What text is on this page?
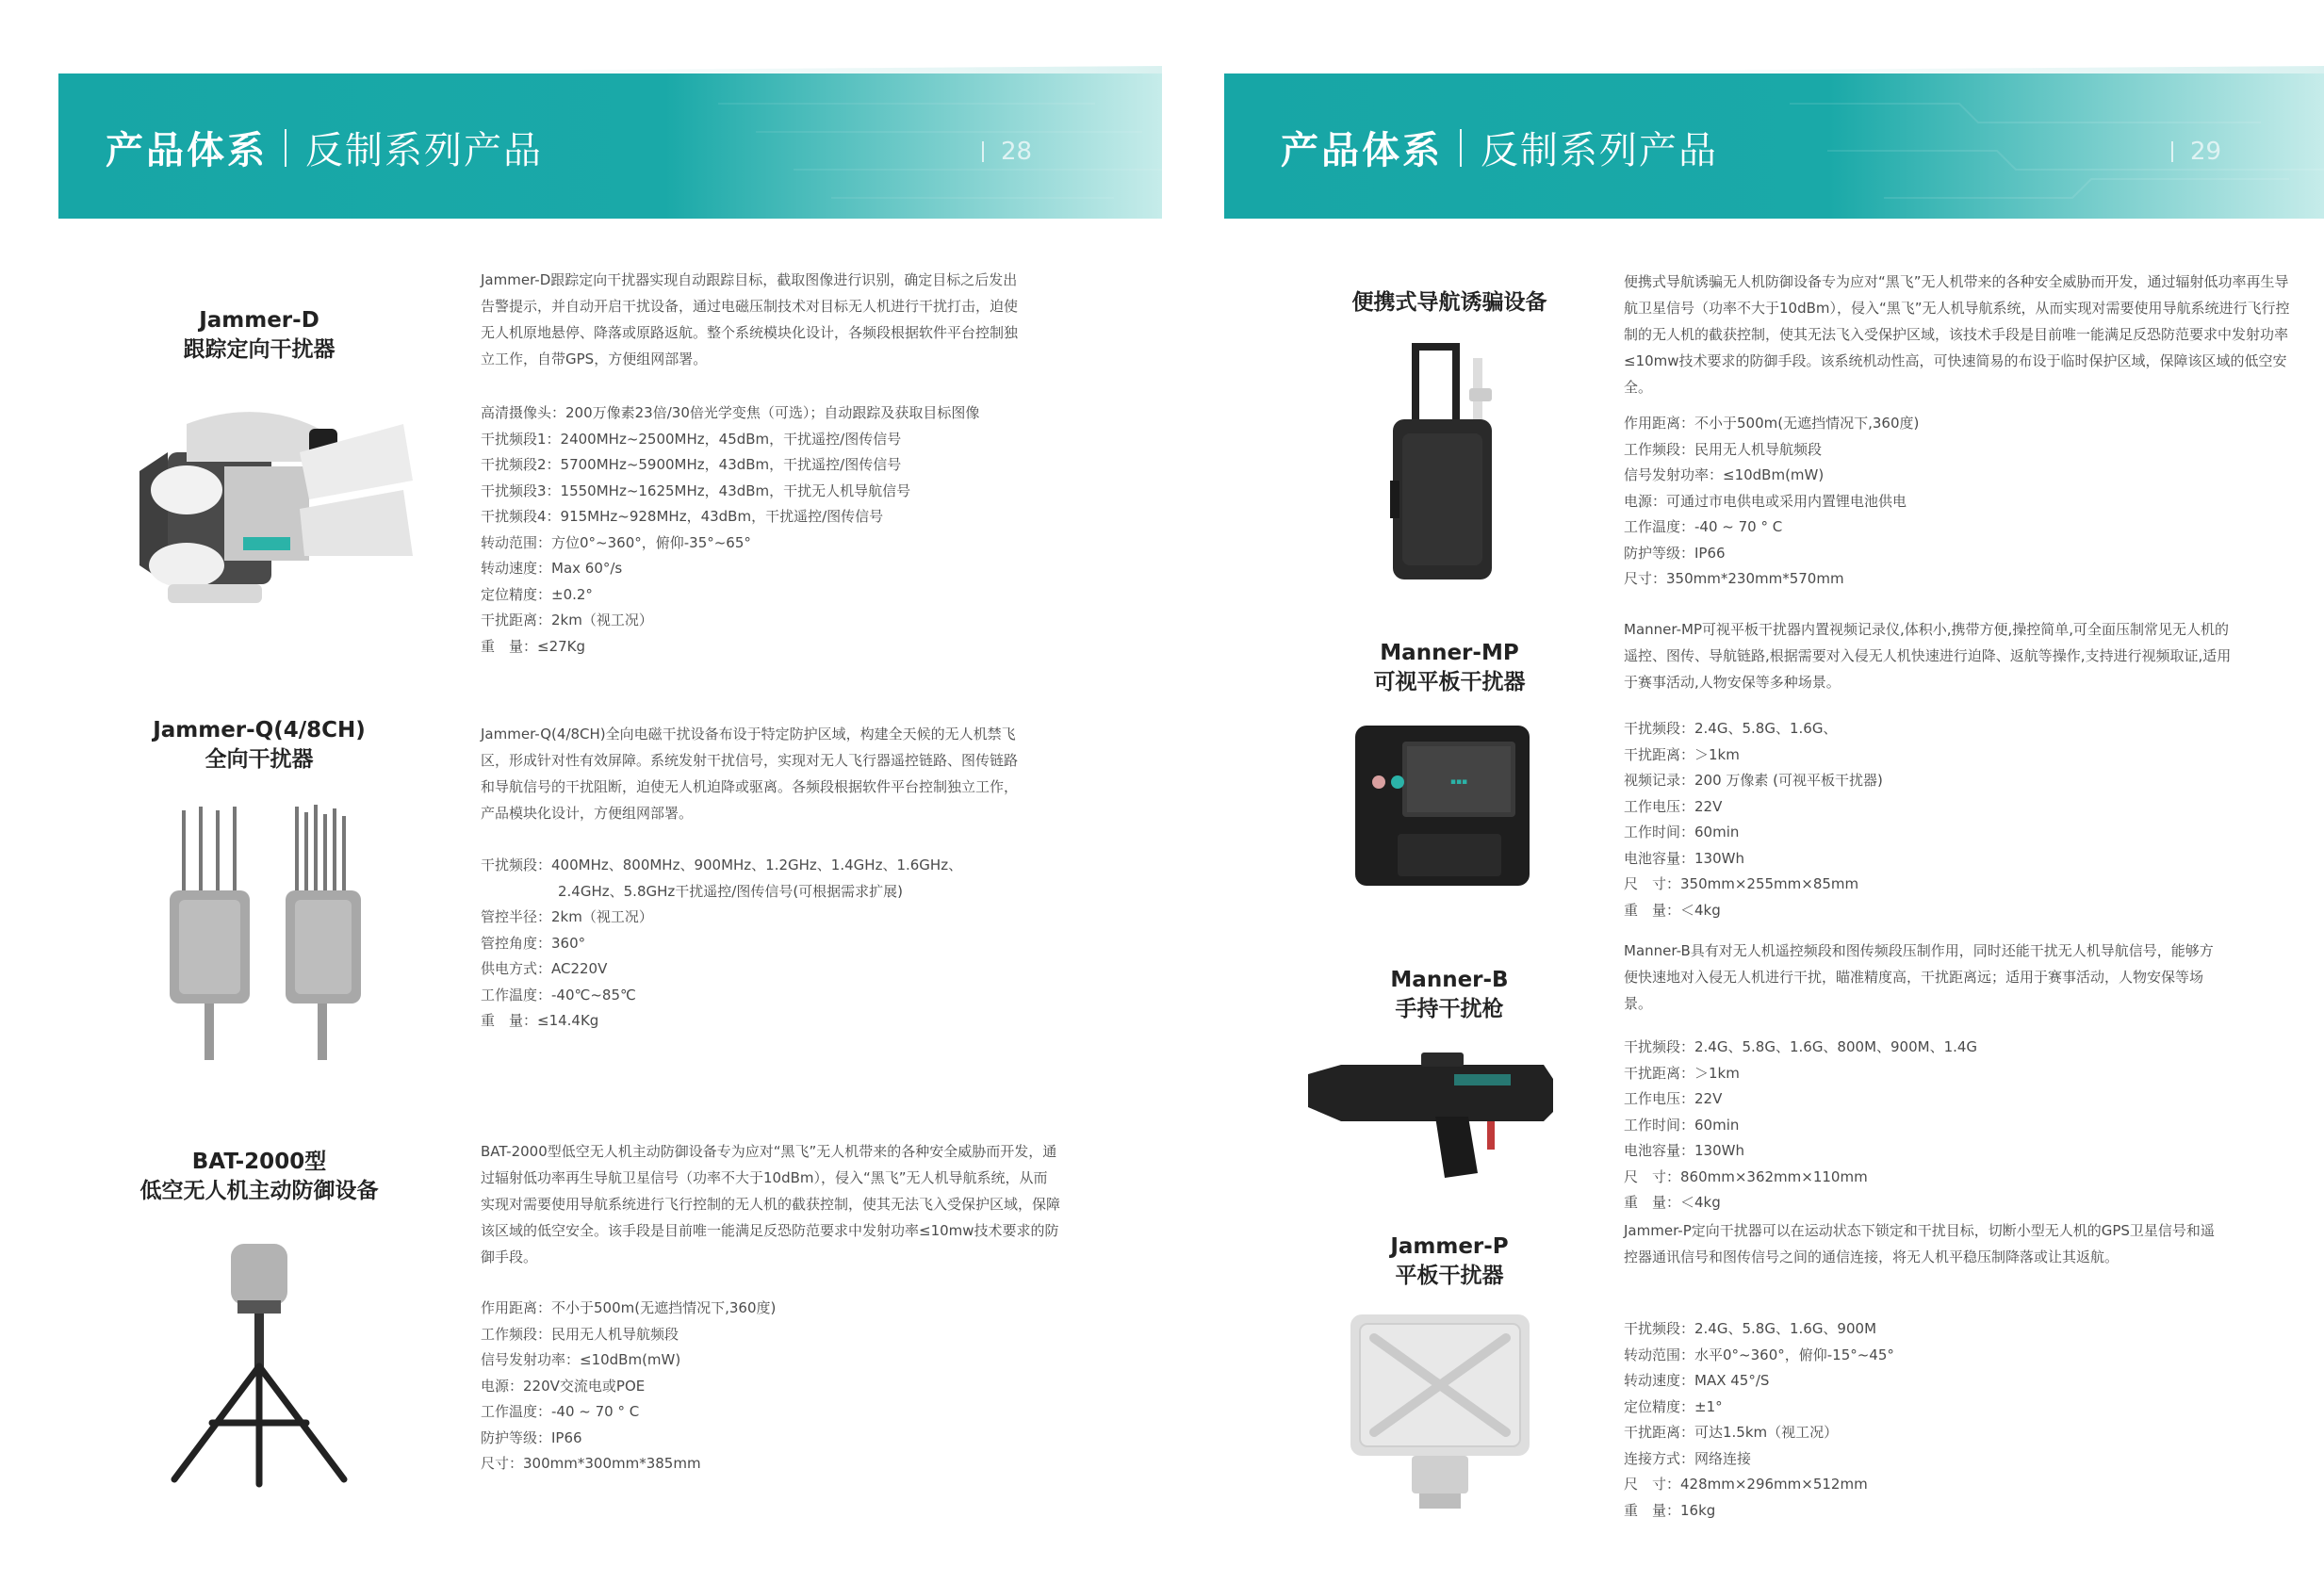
产品体系 反制系列产品	28
Jammer-D
跟踪定向干扰器
Jammer-D跟踪定向干扰器实现自动跟踪目标，截取图像进行识别，确定目标之后发出告警提示，并自动开启干扰设备，通过电磁压制技术对目标无人机进行干扰打击，迫使无人机原地悬停、降落或原路返航。整个系统模块化设计，各频段根据软件平台控制独立工作，自带GPS，方便组网部署。
高清摄像头：200万像素23倍/30倍光学变焦（可选）；自动跟踪及获取目标图像
干扰频段1：2400MHz~2500MHz，45dBm，干扰遥控/图传信号
干扰频段2：5700MHz~5900MHz，43dBm，干扰遥控/图传信号
干扰频段3：1550MHz~1625MHz，43dBm，干扰无人机导航信号
干扰频段4：915MHz~928MHz，43dBm，干扰遥控/图传信号
转动范围：方位0°~360°，俯仰-35°~65°
转动速度：Max 60°/s
定位精度：±0.2°
干扰距离：2km（视工况）
重　量：≤27Kg
Jammer-Q(4/8CH)
全向干扰器
Jammer-Q(4/8CH)全向电磁干扰设备布设于特定防护区域，构建全天候的无人机禁飞区，形成针对性有效屏障。系统发射干扰信号，实现对无人飞行器遥控链路、图传链路和导航信号的干扰阻断，迫使无人机迫降或驱离。各频段根据软件平台控制独立工作，产品模块化设计，方便组网部署。
干扰频段：400MHz、800MHz、900MHz、1.2GHz、1.4GHz、1.6GHz、
2.4GHz、5.8GHz干扰遥控/图传信号(可根据需求扩展)
管控半径：2km（视工况）
管控角度：360°
供电方式：AC220V
工作温度：-40℃~85℃
重　量：≤14.4Kg
BAT-2000型
低空无人机主动防御设备
BAT-2000型低空无人机主动防御设备专为应对“黑飞”无人机带来的各种安全威胁而开发，通过辐射低功率再生导航卫星信号（功率不大于10dBm），侵入“黑飞”无人机导航系统，从而实现对需要使用导航系统进行飞行控制的无人机的截获控制，使其无法飞入受保护区域，保障该区域的低空安全。该手段是目前唯一能满足反恐防范要求中发射功率≤10mw技术要求的防御手段。
作用距离：不小于500m(无遮挡情况下,360度)
工作频段：民用无人机导航频段
信号发射功率：≤10dBm(mW)
电源：220V交流电或POE
工作温度：-40 ~ 70 ° C
防护等级：IP66
尺寸：300mm*300mm*385mm
产品体系 反制系列产品	29
便携式导航诱骗设备
便携式导航诱骗无人机防御设备专为应对“黑飞”无人机带来的各种安全威胁而开发，通过辐射低功率再生导航卫星信号（功率不大于10dBm），侵入“黑飞”无人机导航系统，从而实现对需要使用导航系统进行飞行控制的无人机的截获控制，使其无法飞入受保护区域，该技术手段是目前唯一能满足反恐防范要求中发射功率≤10mw技术要求的防御手段。该系统机动性高，可快速简易的布设于临时保护区域，保障该区域的低空安全。
作用距离：不小于500m(无遮挡情况下,360度)
工作频段：民用无人机导航频段
信号发射功率：≤10dBm(mW)
电源：可通过市电供电或采用内置锂电池供电
工作温度：-40 ~ 70 ° C
防护等级：IP66
尺寸：350mm*230mm*570mm
Manner-MP
可视平板干扰器
▪▪▪
Manner-MP可视平板干扰器内置视频记录仪,体积小,携带方便,操控简单,可全面压制常见无人机的遥控、图传、导航链路,根据需要对入侵无人机快速进行迫降、返航等操作,支持进行视频取证,适用于赛事活动,人物安保等多种场景。
干扰频段：2.4G、5.8G、1.6G、
干扰距离：＞1km
视频记录：200 万像素 (可视平板干扰器)
工作电压：22V
工作时间：60min
电池容量：130Wh
尺　寸：350mm×255mm×85mm
重　量：＜4kg
Manner-B
手持干扰枪
Manner-B具有对无人机遥控频段和图传频段压制作用，同时还能干扰无人机导航信号，能够方便快速地对入侵无人机进行干扰，瞄准精度高，干扰距离远；适用于赛事活动，人物安保等场景。
干扰频段：2.4G、5.8G、1.6G、800M、900M、1.4G
干扰距离：＞1km
工作电压：22V
工作时间：60min
电池容量：130Wh
尺　寸：860mm×362mm×110mm
重　量：＜4kg
Jammer-P
平板干扰器
Jammer-P定向干扰器可以在运动状态下锁定和干扰目标，切断小型无人机的GPS卫星信号和遥控器通讯信号和图传信号之间的通信连接，将无人机平稳压制降落或让其返航。
干扰频段：2.4G、5.8G、1.6G、900M
转动范围：水平0°~360°，俯仰-15°~45°
转动速度：MAX 45°/S
定位精度：±1°
干扰距离：可达1.5km（视工况）
连接方式：网络连接
尺　寸：428mm×296mm×512mm
重　量：16kg
